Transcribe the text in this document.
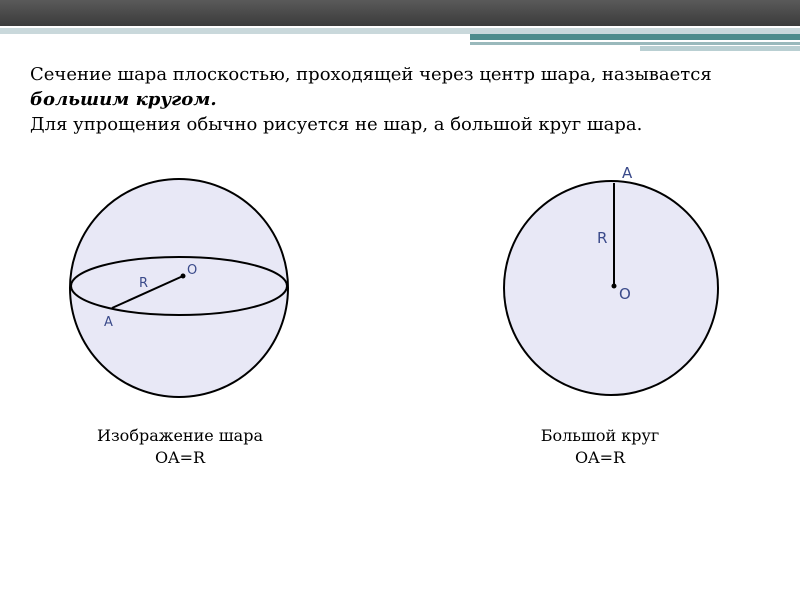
Сечение шара плоскостью, проходящей через центр шара, называется
большим кругом.
Для упрощения обычно рисуется не шар, а большой круг шара.
O
R
A
A
R
O
Изображение шара
OA=R
Большой круг
OA=R
